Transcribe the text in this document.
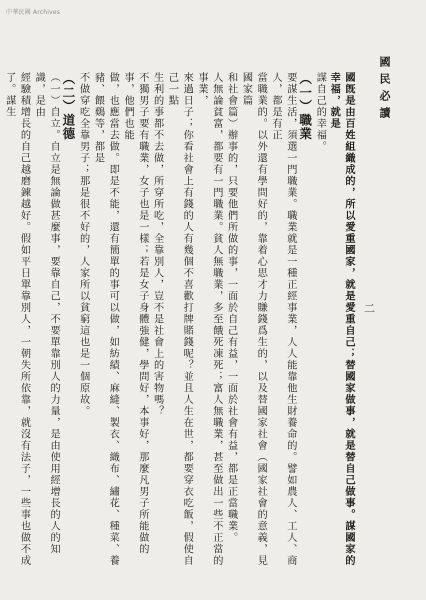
中華民國 Archives
國民必讀
二
國旣是由百姓組織成的，所以愛重國家，就是愛重自己；替國家做事，就是替自己做事。謀國家的幸福，就是
謀自己的幸福。
（一）職業
要謀生活，須選一門職業。職業就是一種正經事業，人人能靠他生財養命的。譬如農人、工人、商人，都是有正
當職業的。以外還有學問好的，靠着心思才力賺錢爲生的，以及替國家社會（國家社會的意義，見國家篇
和社會篇）辦事的，只要他們所做的事，一面於自己有益，一面於社會有益，都是正當職業。
人無論貧富，都要有一門職業。貧人無職業，多至餓死凍死；富人無職業，甚至做出一些不正當的事業，
來過日子；你看社會上有錢的人有幾個不喜歡打牌賭錢呢？並且人生在世，都要穿衣吃飯，假使自己一點
生利的事都不去做，所穿所吃，全靠別人，豈不是社會上的害物嗎？
不獨男子要有職業，女子也是一樣；若是女子身體強健，學問好，本事好，那麼凡男子所能做的事，他們也能
做，也應當去做。即是不能，還有簡單的事可以做，如紡績、麻縫、製衣、織布、繡花、種菜、養豬、餵鷄等，都是
不做穿吃全靠男子；那是很不好的，人家所以貧窮這也是一個原故。
（二）道德
（一）自立。自立是無論做甚麼事，要靠自己，不要單靠別人的力量，是由使用經增長的人的知識，是由
經驗積增長的自己越磨鍊越好。假如平日單靠別人，一朝失所依靠，就沒有法子，一些事也做不成了。謀生
